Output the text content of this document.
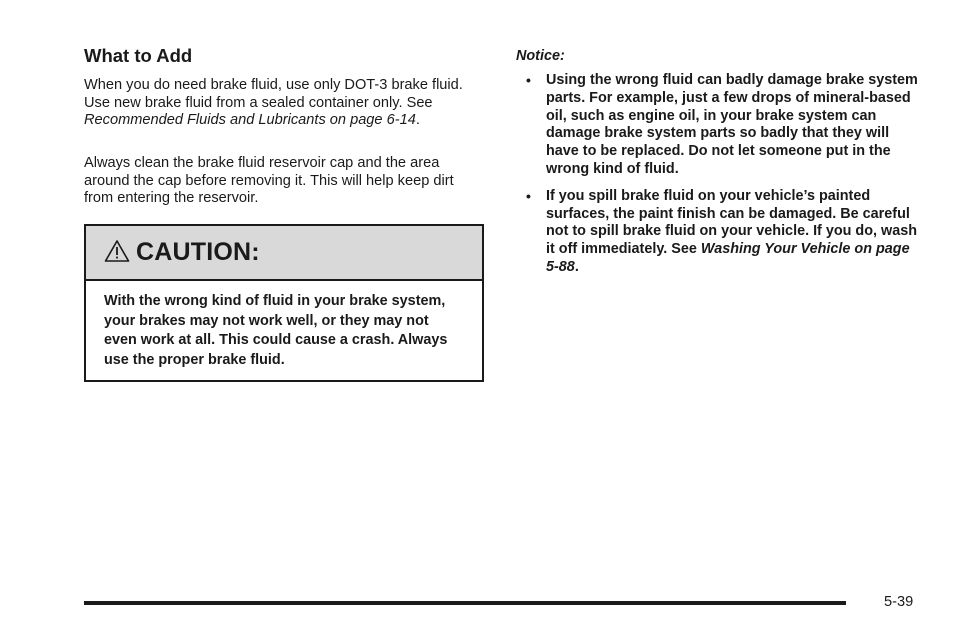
What to Add

When you do need brake fluid, use only DOT-3 brake fluid. Use new brake fluid from a sealed container only. See Recommended Fluids and Lubricants on page 6-14.

Always clean the brake fluid reservoir cap and the area around the cap before removing it. This will help keep dirt from entering the reservoir.

CAUTION:
With the wrong kind of fluid in your brake system, your brakes may not work well, or they may not even work at all. This could cause a crash. Always use the proper brake fluid.
Notice:
• Using the wrong fluid can badly damage brake system parts. For example, just a few drops of mineral-based oil, such as engine oil, in your brake system can damage brake system parts so badly that they will have to be replaced. Do not let someone put in the wrong kind of fluid.
• If you spill brake fluid on your vehicle’s painted surfaces, the paint finish can be damaged. Be careful not to spill brake fluid on your vehicle. If you do, wash it off immediately. See Washing Your Vehicle on page 5-88.
5-39
